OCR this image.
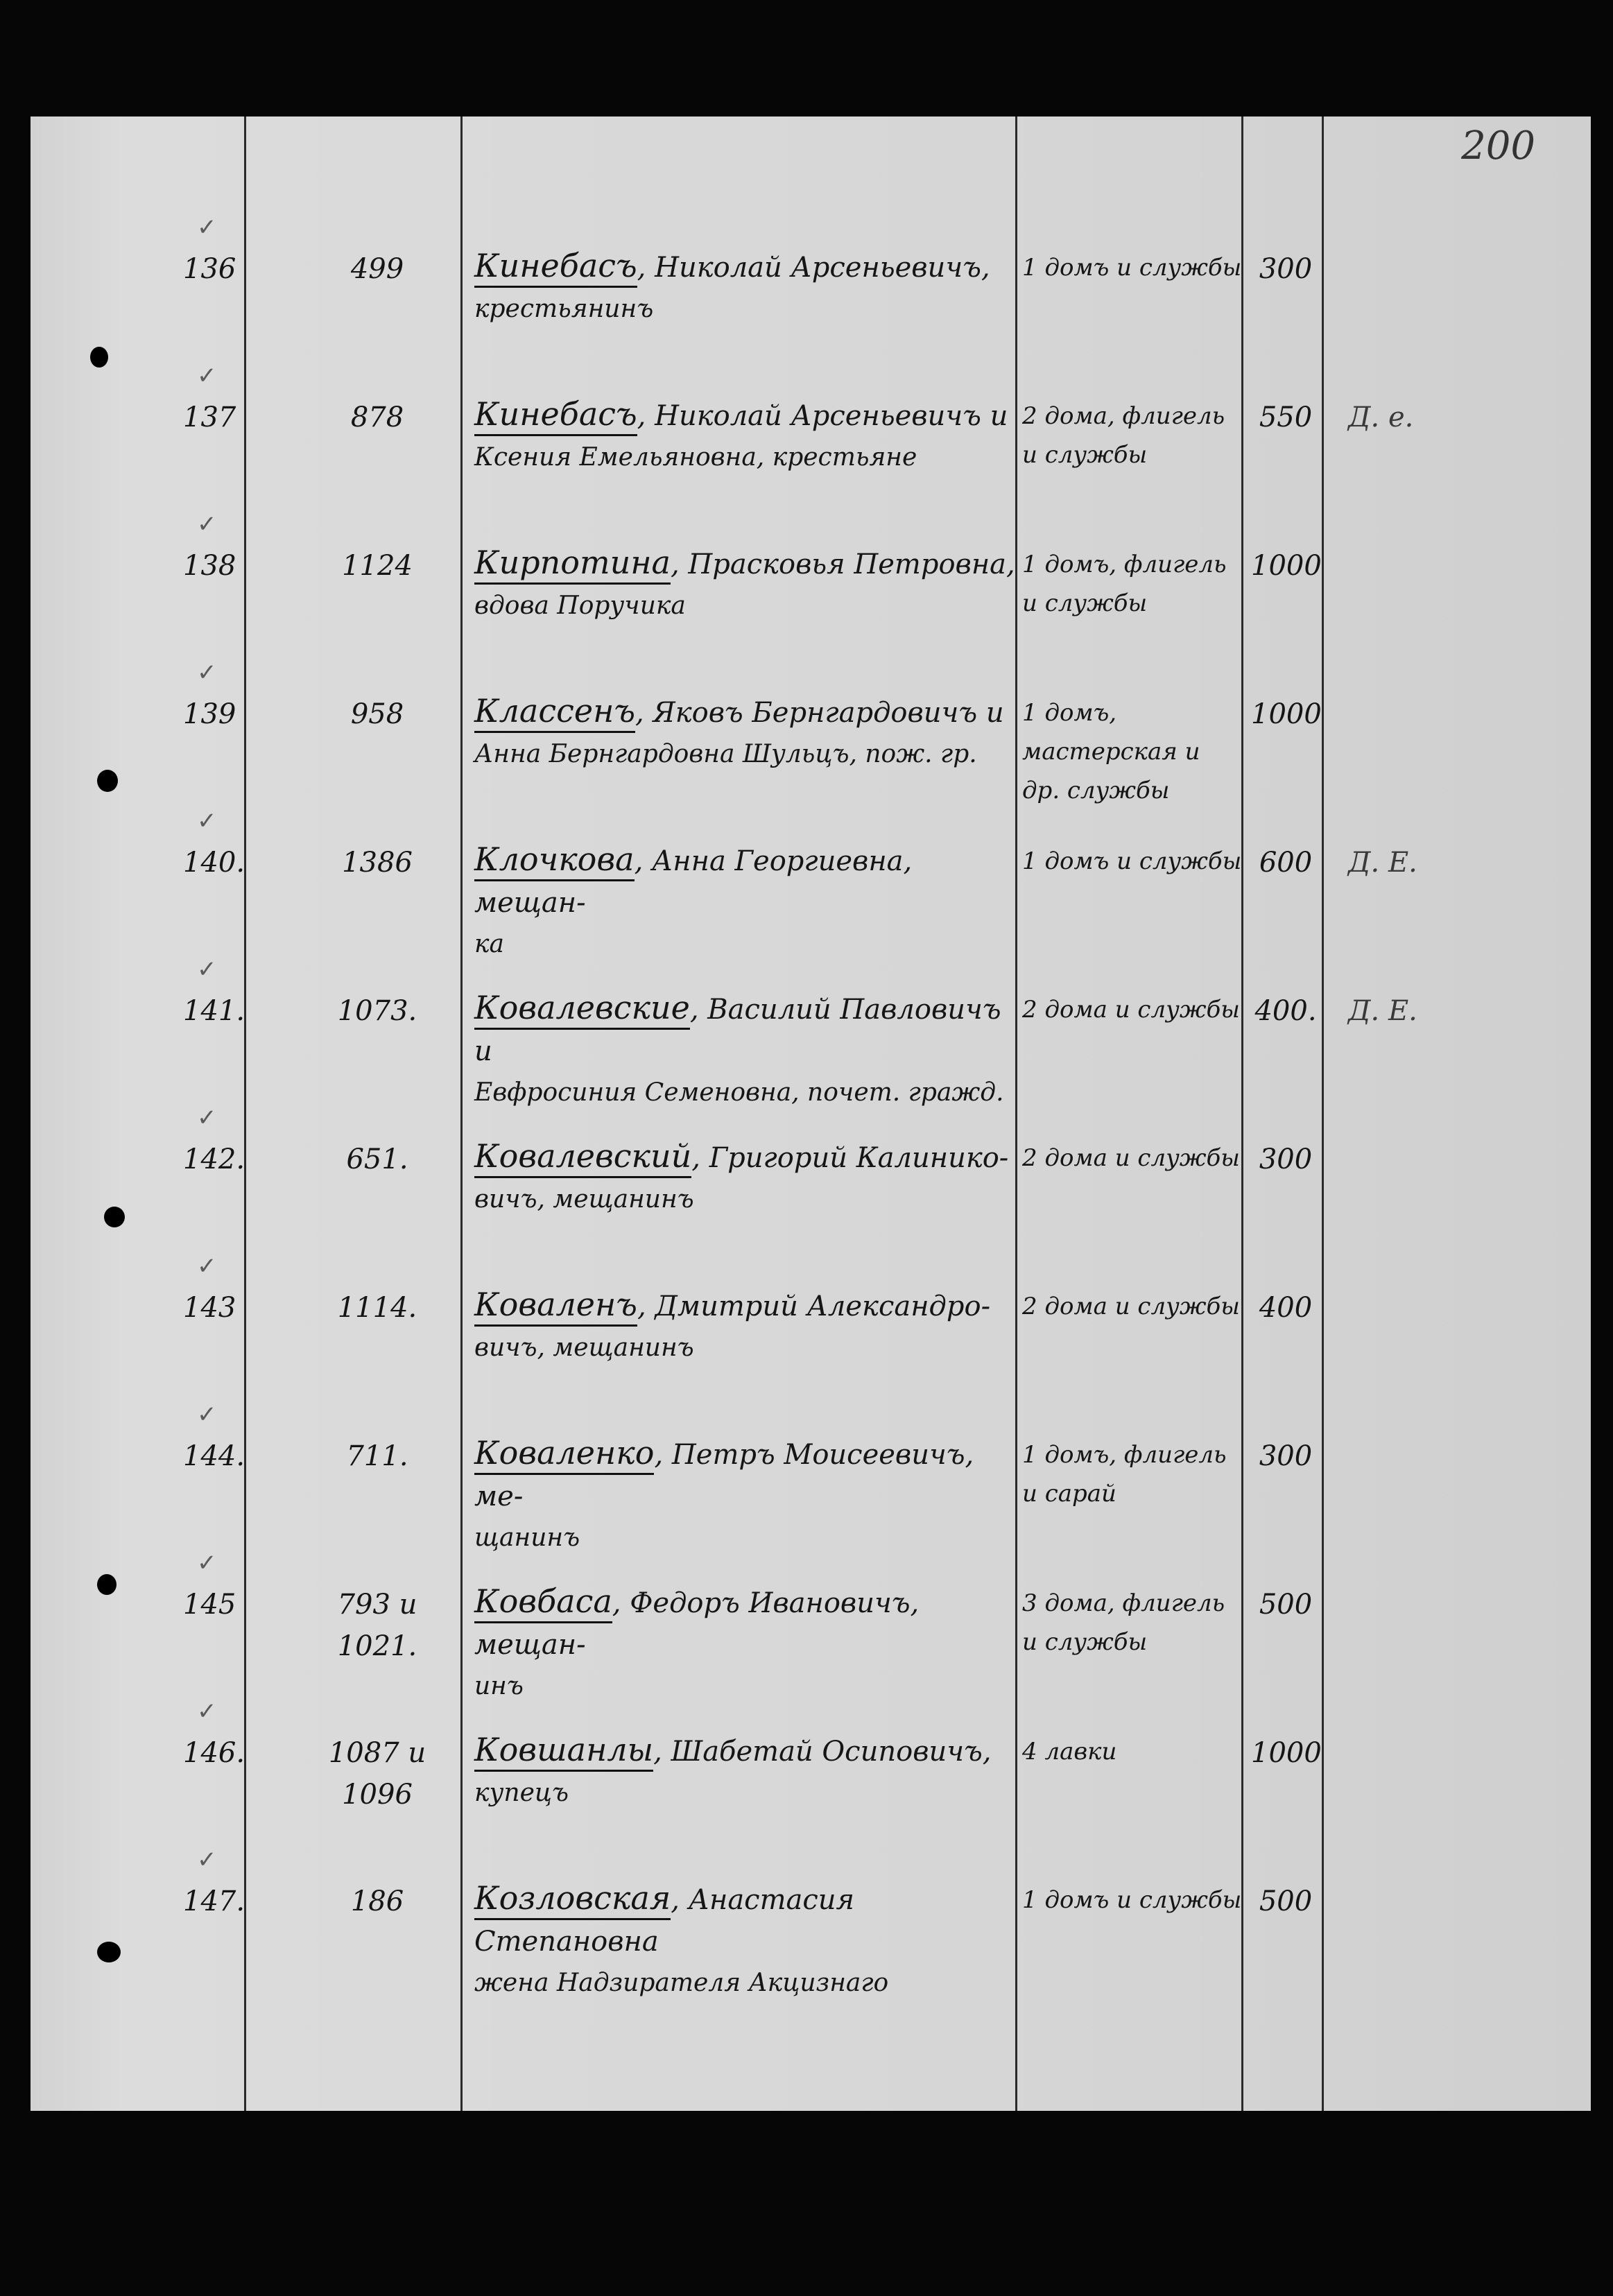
200
✓
136	499	Кинебасъ, Николай Арсеньевичъ,
крестьянинъ
1 домъ и службы 300
✓
137	878	Кинебасъ, Николай Арсеньевичъ и
Ксения Емельяновна, крестьяне
2 дома, флигель и службы
550 Д. е.
✓
138	1124	Кирпотина, Прасковья Петровна,
вдова Поручика
1 домъ, флигель и службы
1000
✓
139	958	Классенъ, Яковъ Бернгардовичъ и
Анна Бернгардовна Шульцъ, пож. гр.
1 домъ, мастерская и др. службы
1000
✓
140.	1386	Клочкова, Анна Георгиевна, мещан-
ка
1 домъ и службы 600 Д. Е.
✓
141.	1073.	Ковалевские, Василий Павловичъ и
Евфросиния Семеновна, почет. гражд.
2 дома и службы 400. Д. Е.
✓
142.	651.	Ковалевский, Григорий Калинико-
вичъ, мещанинъ
2 дома и службы 300
✓
143	1114.	Коваленъ, Дмитрий Александро-
вичъ, мещанинъ
2 дома и службы 400
✓
144.	711.	Коваленко, Петръ Моисеевичъ, ме-
щанинъ
1 домъ, флигель и сарай
300
✓
145	793 и 1021.
Ковбаса, Федоръ Ивановичъ, мещан-
инъ
3 дома, флигель и службы
500
✓
146.	1087 и 1096
Ковшанлы, Шабетай Осиповичъ,
купецъ
4 лавки	1000
✓
147.	186	Козловская, Анастасия Степановна
жена Надзирателя Акцизнаго
1 домъ и службы 500
